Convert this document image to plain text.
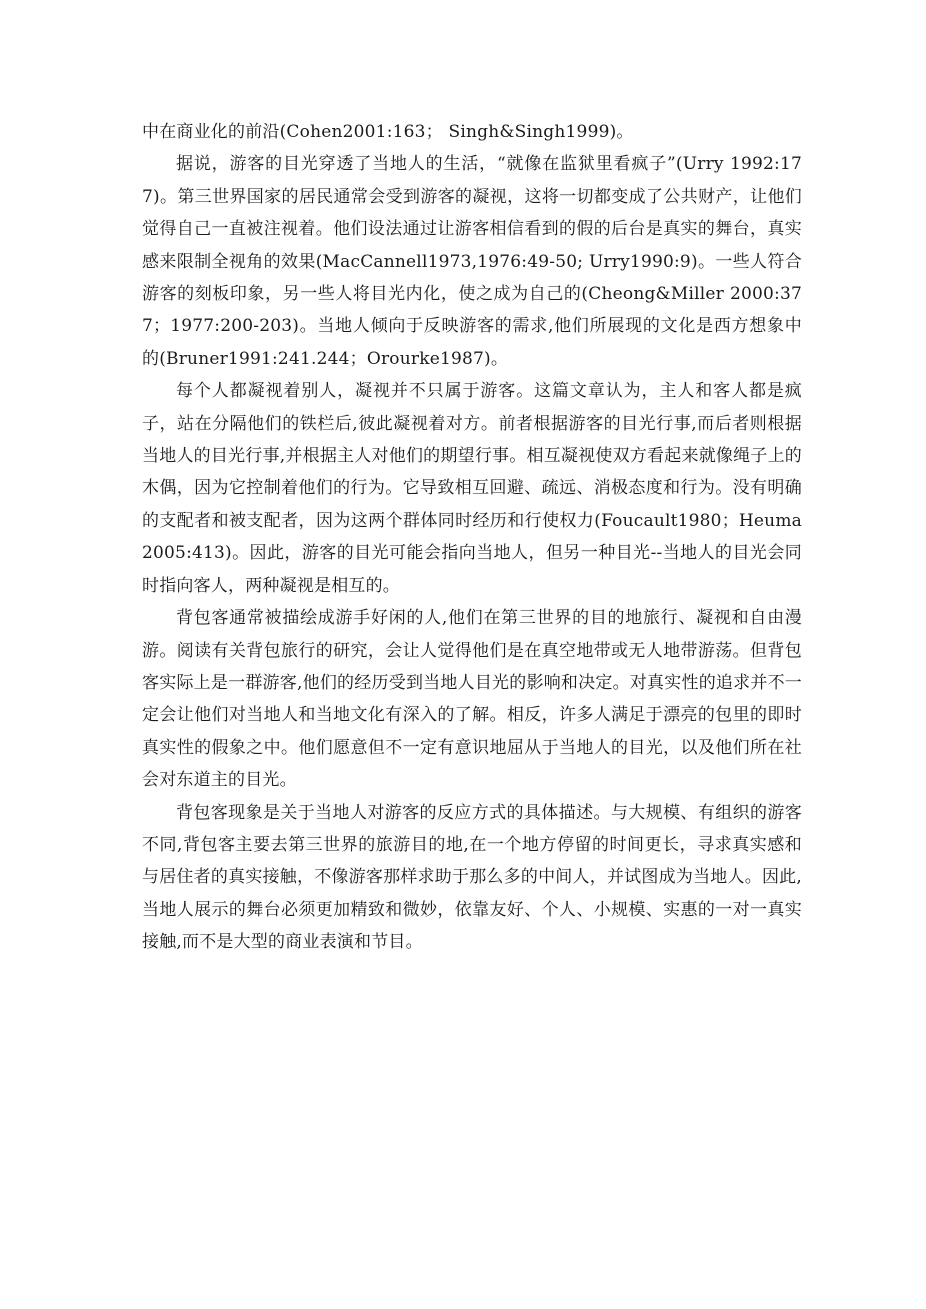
中在商业化的前沿(Cohen2001:163； Singh&Singh1999)。

据说，游客的目光穿透了当地人的生活，“就像在监狱里看疯子”(Urry 1992:177)。第三世界国家的居民通常会受到游客的凝视，这将一切都变成了公共财产，让他们觉得自己一直被注视着。他们设法通过让游客相信看到的假的后台是真实的舞台，真实感来限制全视角的效果(MacCannell1973,1976:49-50; Urry1990:9)。一些人符合游客的刻板印象，另一些人将目光内化，使之成为自己的(Cheong&Miller 2000:377；1977:200-203)。当地人倾向于反映游客的需求,他们所展现的文化是西方想象中的(Bruner1991:241.244；Orourke1987)。

每个人都凝视着别人，凝视并不只属于游客。这篇文章认为，主人和客人都是疯子，站在分隔他们的铁栏后,彼此凝视着对方。前者根据游客的目光行事,而后者则根据当地人的目光行事,并根据主人对他们的期望行事。相互凝视使双方看起来就像绳子上的木偶，因为它控制着他们的行为。它导致相互回避、疏远、消极态度和行为。没有明确的支配者和被支配者，因为这两个群体同时经历和行使权力(Foucault1980；Heuma2005:413)。因此，游客的目光可能会指向当地人，但另一种目光--当地人的目光会同时指向客人，两种凝视是相互的。

背包客通常被描绘成游手好闲的人,他们在第三世界的目的地旅行、凝视和自由漫游。阅读有关背包旅行的研究，会让人觉得他们是在真空地带或无人地带游荡。但背包客实际上是一群游客,他们的经历受到当地人目光的影响和决定。对真实性的追求并不一定会让他们对当地人和当地文化有深入的了解。相反，许多人满足于漂亮的包里的即时真实性的假象之中。他们愿意但不一定有意识地屈从于当地人的目光，以及他们所在社会对东道主的目光。

背包客现象是关于当地人对游客的反应方式的具体描述。与大规模、有组织的游客不同,背包客主要去第三世界的旅游目的地,在一个地方停留的时间更长，寻求真实感和与居住者的真实接触，不像游客那样求助于那么多的中间人，并试图成为当地人。因此,当地人展示的舞台必须更加精致和微妙，依靠友好、个人、小规模、实惠的一对一真实接触,而不是大型的商业表演和节目。
